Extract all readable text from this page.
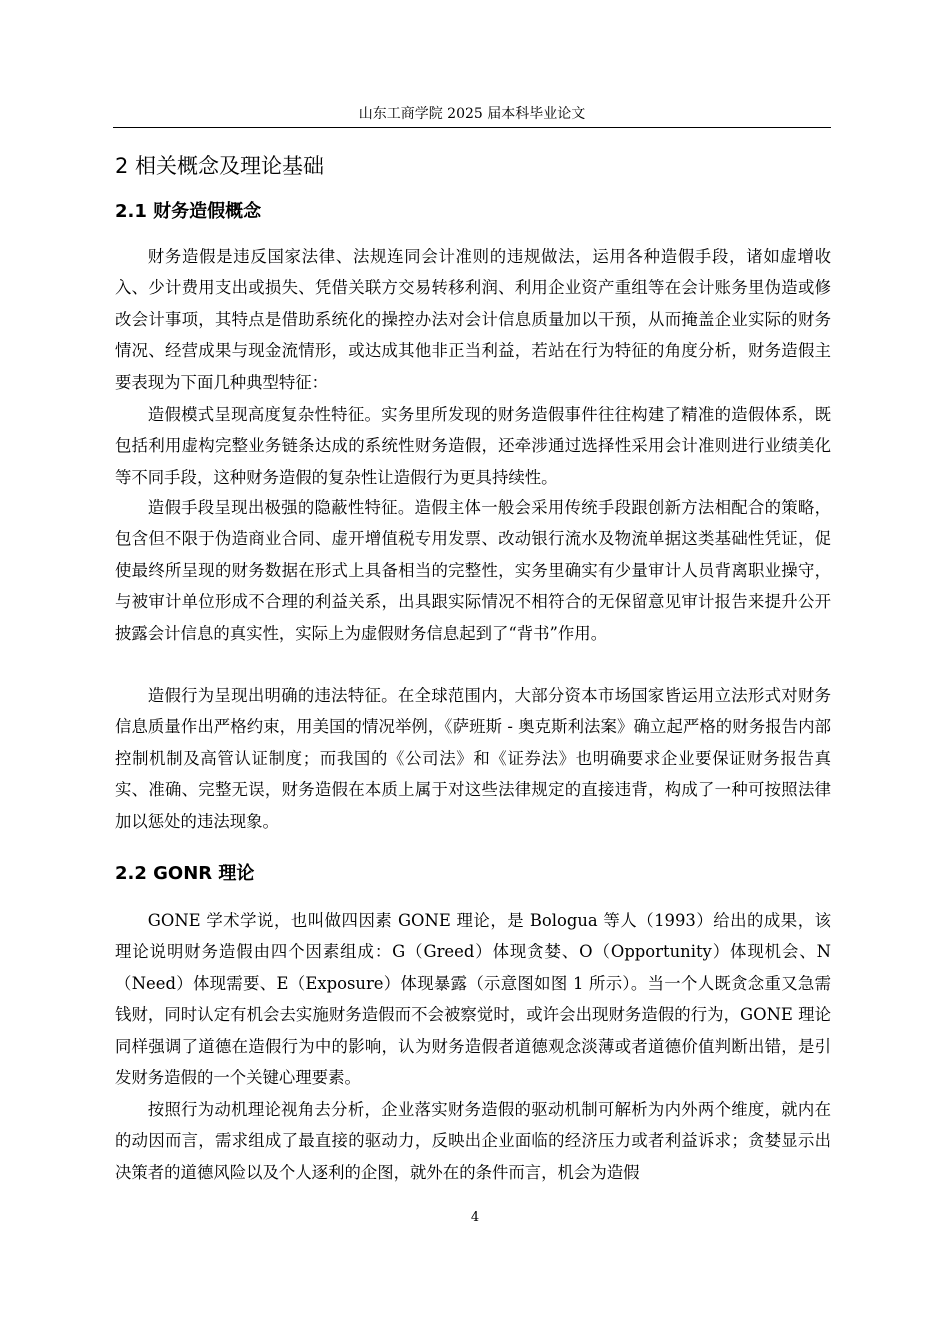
山东工商学院 2025 届本科毕业论文
2 相关概念及理论基础
2.1 财务造假概念

财务造假是违反国家法律、法规连同会计准则的违规做法，运用各种造假手段，诸如虚增收入、少计费用支出或损失、凭借关联方交易转移利润、利用企业资产重组等在会计账务里伪造或修改会计事项，其特点是借助系统化的操控办法对会计信息质量加以干预，从而掩盖企业实际的财务情况、经营成果与现金流情形，或达成其他非正当利益，若站在行为特征的角度分析，财务造假主要表现为下面几种典型特征：

造假模式呈现高度复杂性特征。实务里所发现的财务造假事件往往构建了精准的造假体系，既包括利用虚构完整业务链条达成的系统性财务造假，还牵涉通过选择性采用会计准则进行业绩美化等不同手段，这种财务造假的复杂性让造假行为更具持续性。

造假手段呈现出极强的隐蔽性特征。造假主体一般会采用传统手段跟创新方法相配合的策略，包含但不限于伪造商业合同、虚开增值税专用发票、改动银行流水及物流单据这类基础性凭证，促使最终所呈现的财务数据在形式上具备相当的完整性，实务里确实有少量审计人员背离职业操守，与被审计单位形成不合理的利益关系，出具跟实际情况不相符合的无保留意见审计报告来提升公开披露会计信息的真实性，实际上为虚假财务信息起到了“背书”作用。

造假行为呈现出明确的违法特征。在全球范围内，大部分资本市场国家皆运用立法形式对财务信息质量作出严格约束，用美国的情况举例，《萨班斯 - 奥克斯利法案》确立起严格的财务报告内部控制机制及高管认证制度；而我国的《公司法》和《证券法》也明确要求企业要保证财务报告真实、准确、完整无误，财务造假在本质上属于对这些法律规定的直接违背，构成了一种可按照法律加以惩处的违法现象。

2.2 GONR 理论

GONE 学术学说，也叫做四因素 GONE 理论，是 Bologua 等人（1993）给出的成果，该理论说明财务造假由四个因素组成：G（Greed）体现贪婪、O（Opportunity）体现机会、N（Need）体现需要、E（Exposure）体现暴露（示意图如图 1 所示）。当一个人既贪念重又急需钱财，同时认定有机会去实施财务造假而不会被察觉时，或许会出现财务造假的行为，GONE 理论同样强调了道德在造假行为中的影响，认为财务造假者道德观念淡薄或者道德价值判断出错，是引发财务造假的一个关键心理要素。

按照行为动机理论视角去分析，企业落实财务造假的驱动机制可解析为内外两个维度，就内在的动因而言，需求组成了最直接的驱动力，反映出企业面临的经济压力或者利益诉求；贪婪显示出决策者的道德风险以及个人逐利的企图，就外在的条件而言，机会为造假

4
